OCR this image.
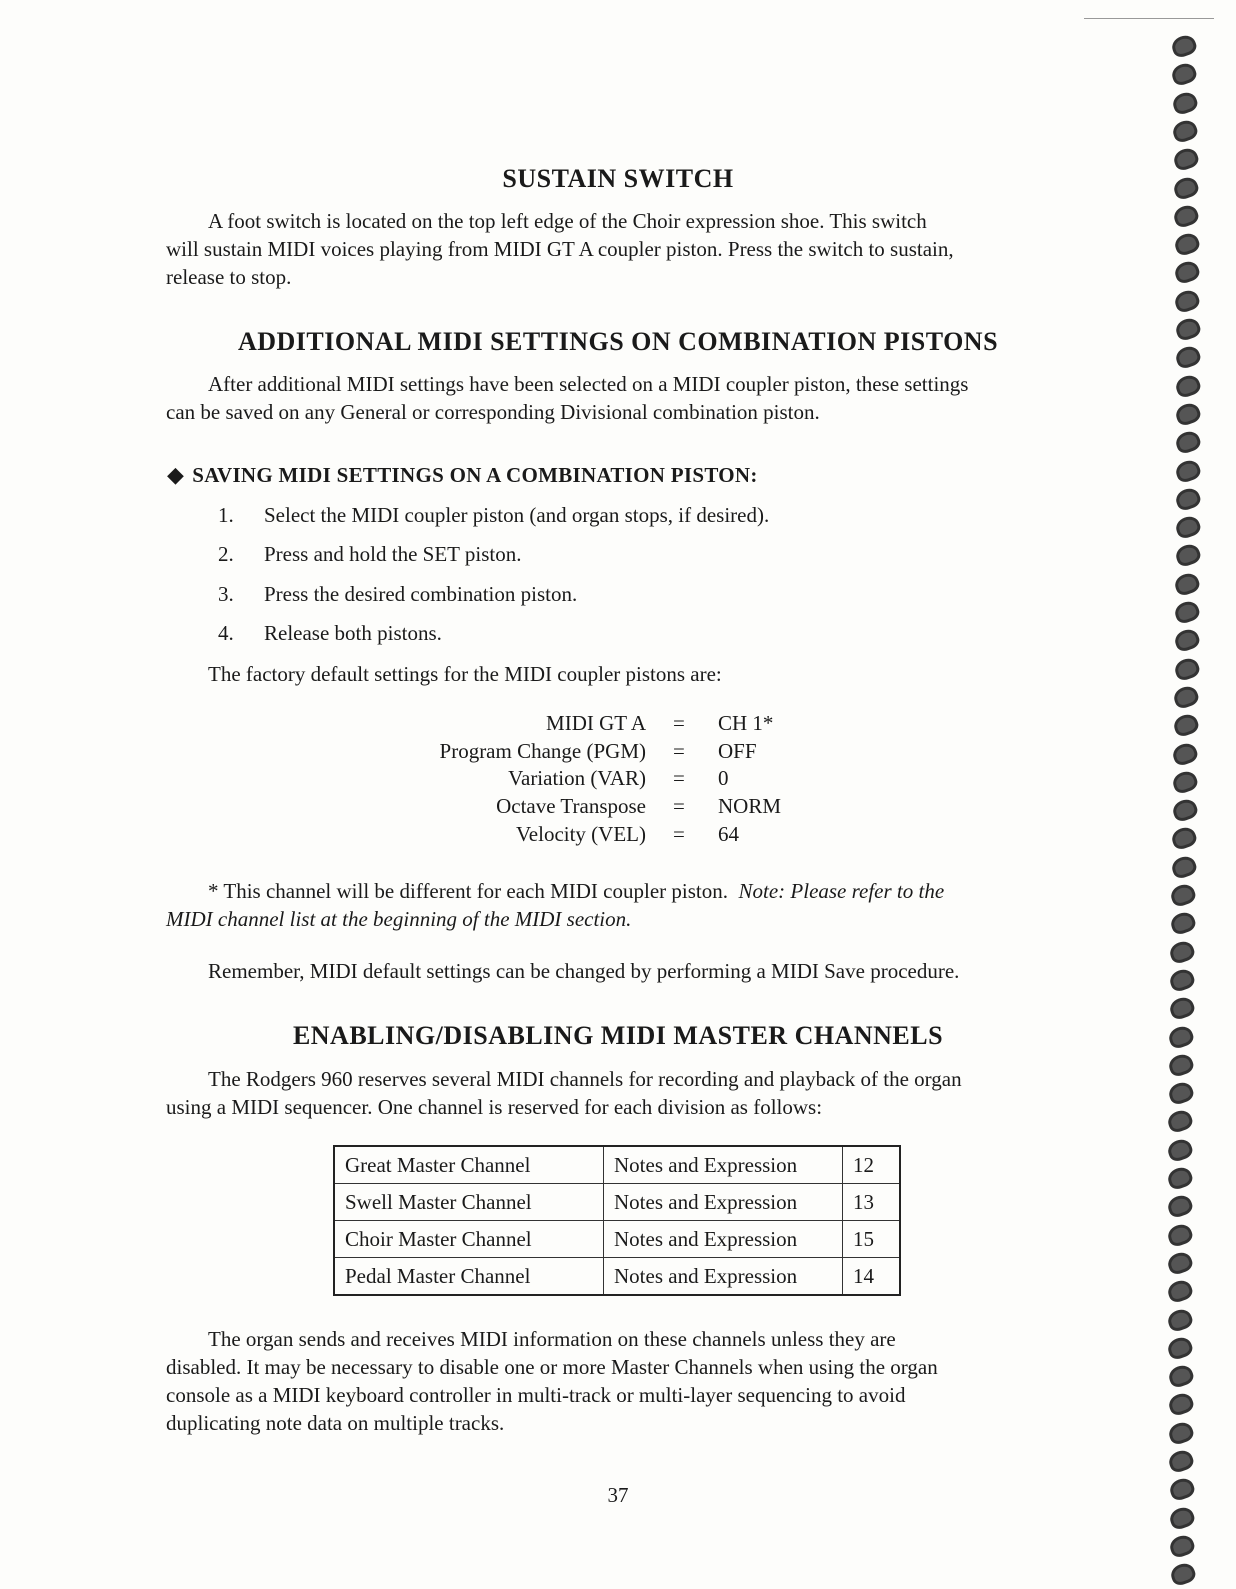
SUSTAIN SWITCH
A foot switch is located on the top left edge of the Choir expression shoe. This switch
will sustain MIDI voices playing from MIDI GT A coupler piston. Press the switch to sustain,
release to stop.
ADDITIONAL MIDI SETTINGS ON COMBINATION PISTONS
After additional MIDI settings have been selected on a MIDI coupler piston, these settings
can be saved on any General or corresponding Divisional combination piston.
◆ SAVING MIDI SETTINGS ON A COMBINATION PISTON:
1. Select the MIDI coupler piston (and organ stops, if desired).
2. Press and hold the SET piston.
3. Press the desired combination piston.
4. Release both pistons.
The factory default settings for the MIDI coupler pistons are:
MIDI GT A = CH 1*
Program Change (PGM) = OFF
Variation (VAR) = 0
Octave Transpose = NORM
Velocity (VEL) = 64
* This channel will be different for each MIDI coupler piston. Note: Please refer to the
MIDI channel list at the beginning of the MIDI section.
Remember, MIDI default settings can be changed by performing a MIDI Save procedure.
ENABLING/DISABLING MIDI MASTER CHANNELS
The Rodgers 960 reserves several MIDI channels for recording and playback of the organ
using a MIDI sequencer. One channel is reserved for each division as follows:
Great Master Channel	Notes and Expression	12
Swell Master Channel	Notes and Expression	13
Choir Master Channel	Notes and Expression	15
Pedal Master Channel	Notes and Expression	14
The organ sends and receives MIDI information on these channels unless they are
disabled. It may be necessary to disable one or more Master Channels when using the organ
console as a MIDI keyboard controller in multi-track or multi-layer sequencing to avoid
duplicating note data on multiple tracks.
37
